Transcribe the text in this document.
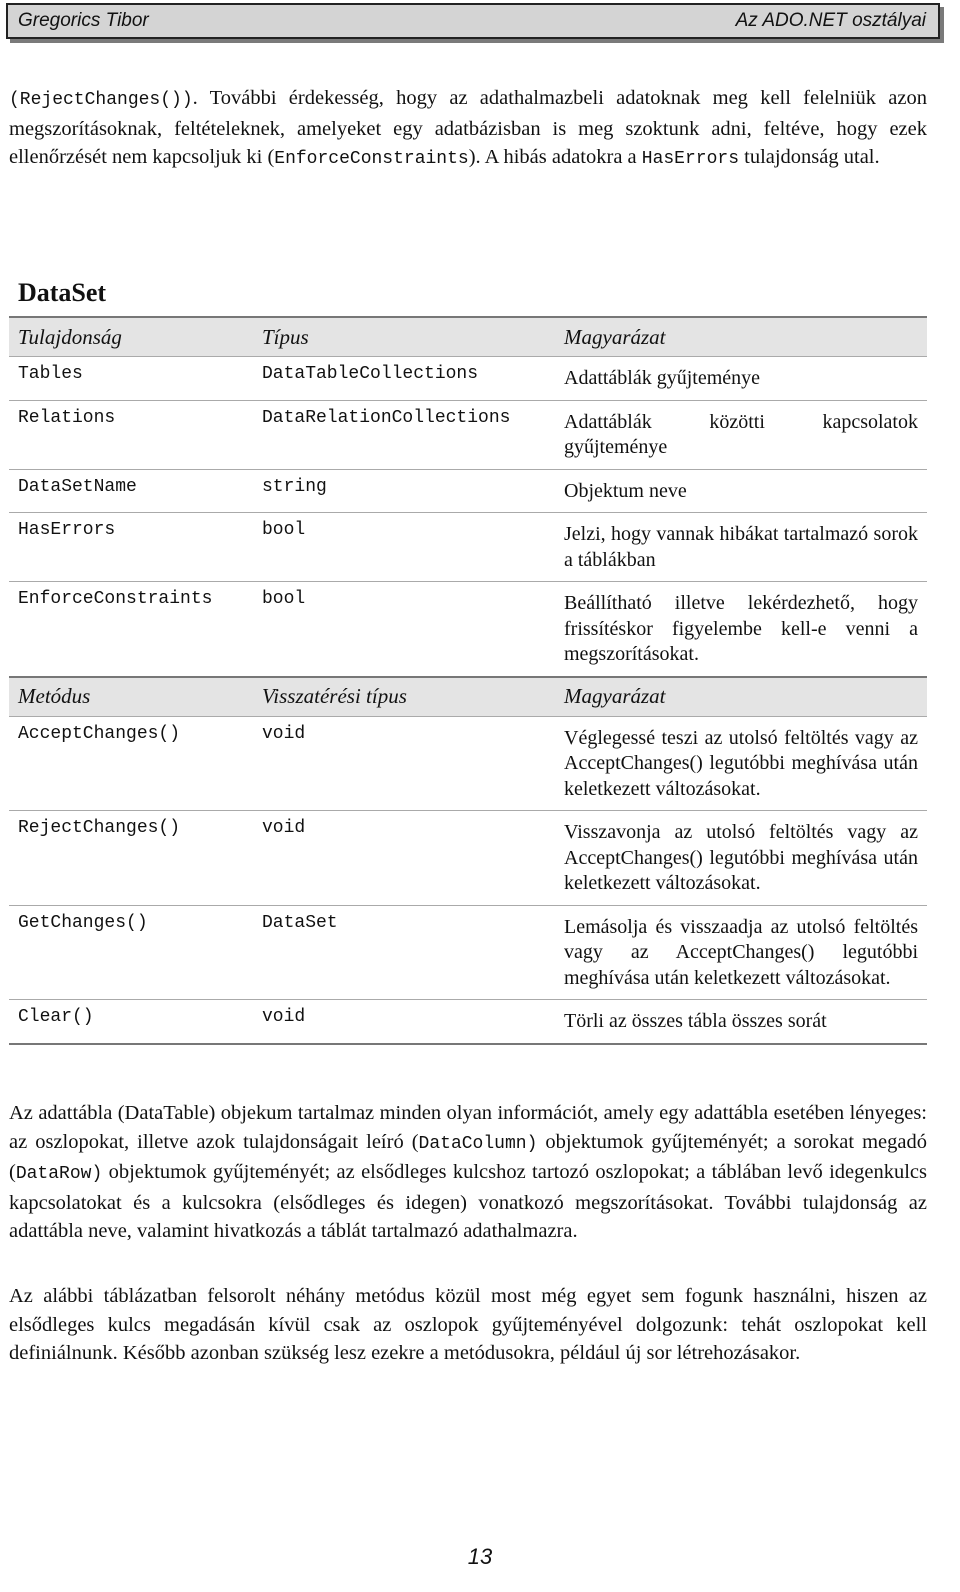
Gregorics Tibor	Az ADO.NET osztályai

(RejectChanges()). További érdekesség, hogy az adathalmazbeli adatoknak meg kell felelniük azon megszorításoknak, feltételeknek, amelyeket egy adatbázisban is meg szoktunk adni, feltéve, hogy ezek ellenőrzését nem kapcsoljuk ki (EnforceConstraints). A hibás adatokra a HasErrors tulajdonság utal.

DataSet
Tulajdonság	Típus	Magyarázat
Tables	DataTableCollections	Adattáblák gyűjteménye
Relations	DataRelationCollections	Adattáblák közötti kapcsolatok gyűjteménye
DataSetName	string	Objektum neve
HasErrors	bool	Jelzi, hogy vannak hibákat tartalmazó sorok a táblákban
EnforceConstraints	bool	Beállítható illetve lekérdezhető, hogy frissítéskor figyelembe kell-e venni a megszorításokat.
Metódus	Visszatérési típus	Magyarázat
AcceptChanges()	void	Véglegessé teszi az utolsó feltöltés vagy az AcceptChanges() legutóbbi meghívása után keletkezett változásokat.
RejectChanges()	void	Visszavonja az utolsó feltöltés vagy az AcceptChanges() legutóbbi meghívása után keletkezett változásokat.
GetChanges()	DataSet	Lemásolja és visszaadja az utolsó feltöltés vagy az AcceptChanges() legutóbbi meghívása után keletkezett változásokat.
Clear()	void	Törli az összes tábla összes sorát

Az adattábla (DataTable) objekum tartalmaz minden olyan információt, amely egy adattábla esetében lényeges: az oszlopokat, illetve azok tulajdonságait leíró (DataColumn) objektumok gyűjteményét; a sorokat megadó (DataRow) objektumok gyűjteményét; az elsődleges kulcshoz tartozó oszlopokat; a táblában levő idegenkulcs kapcsolatokat és a kulcsokra (elsődleges és idegen) vonatkozó megszorításokat. További tulajdonság az adattábla neve, valamint hivatkozás a táblát tartalmazó adathalmazra.

Az alábbi táblázatban felsorolt néhány metódus közül most még egyet sem fogunk használni, hiszen az elsődleges kulcs megadásán kívül csak az oszlopok gyűjteményével dolgozunk: tehát oszlopokat kell definiálnunk. Később azonban szükség lesz ezekre a metódusokra, például új sor létrehozásakor.

13
